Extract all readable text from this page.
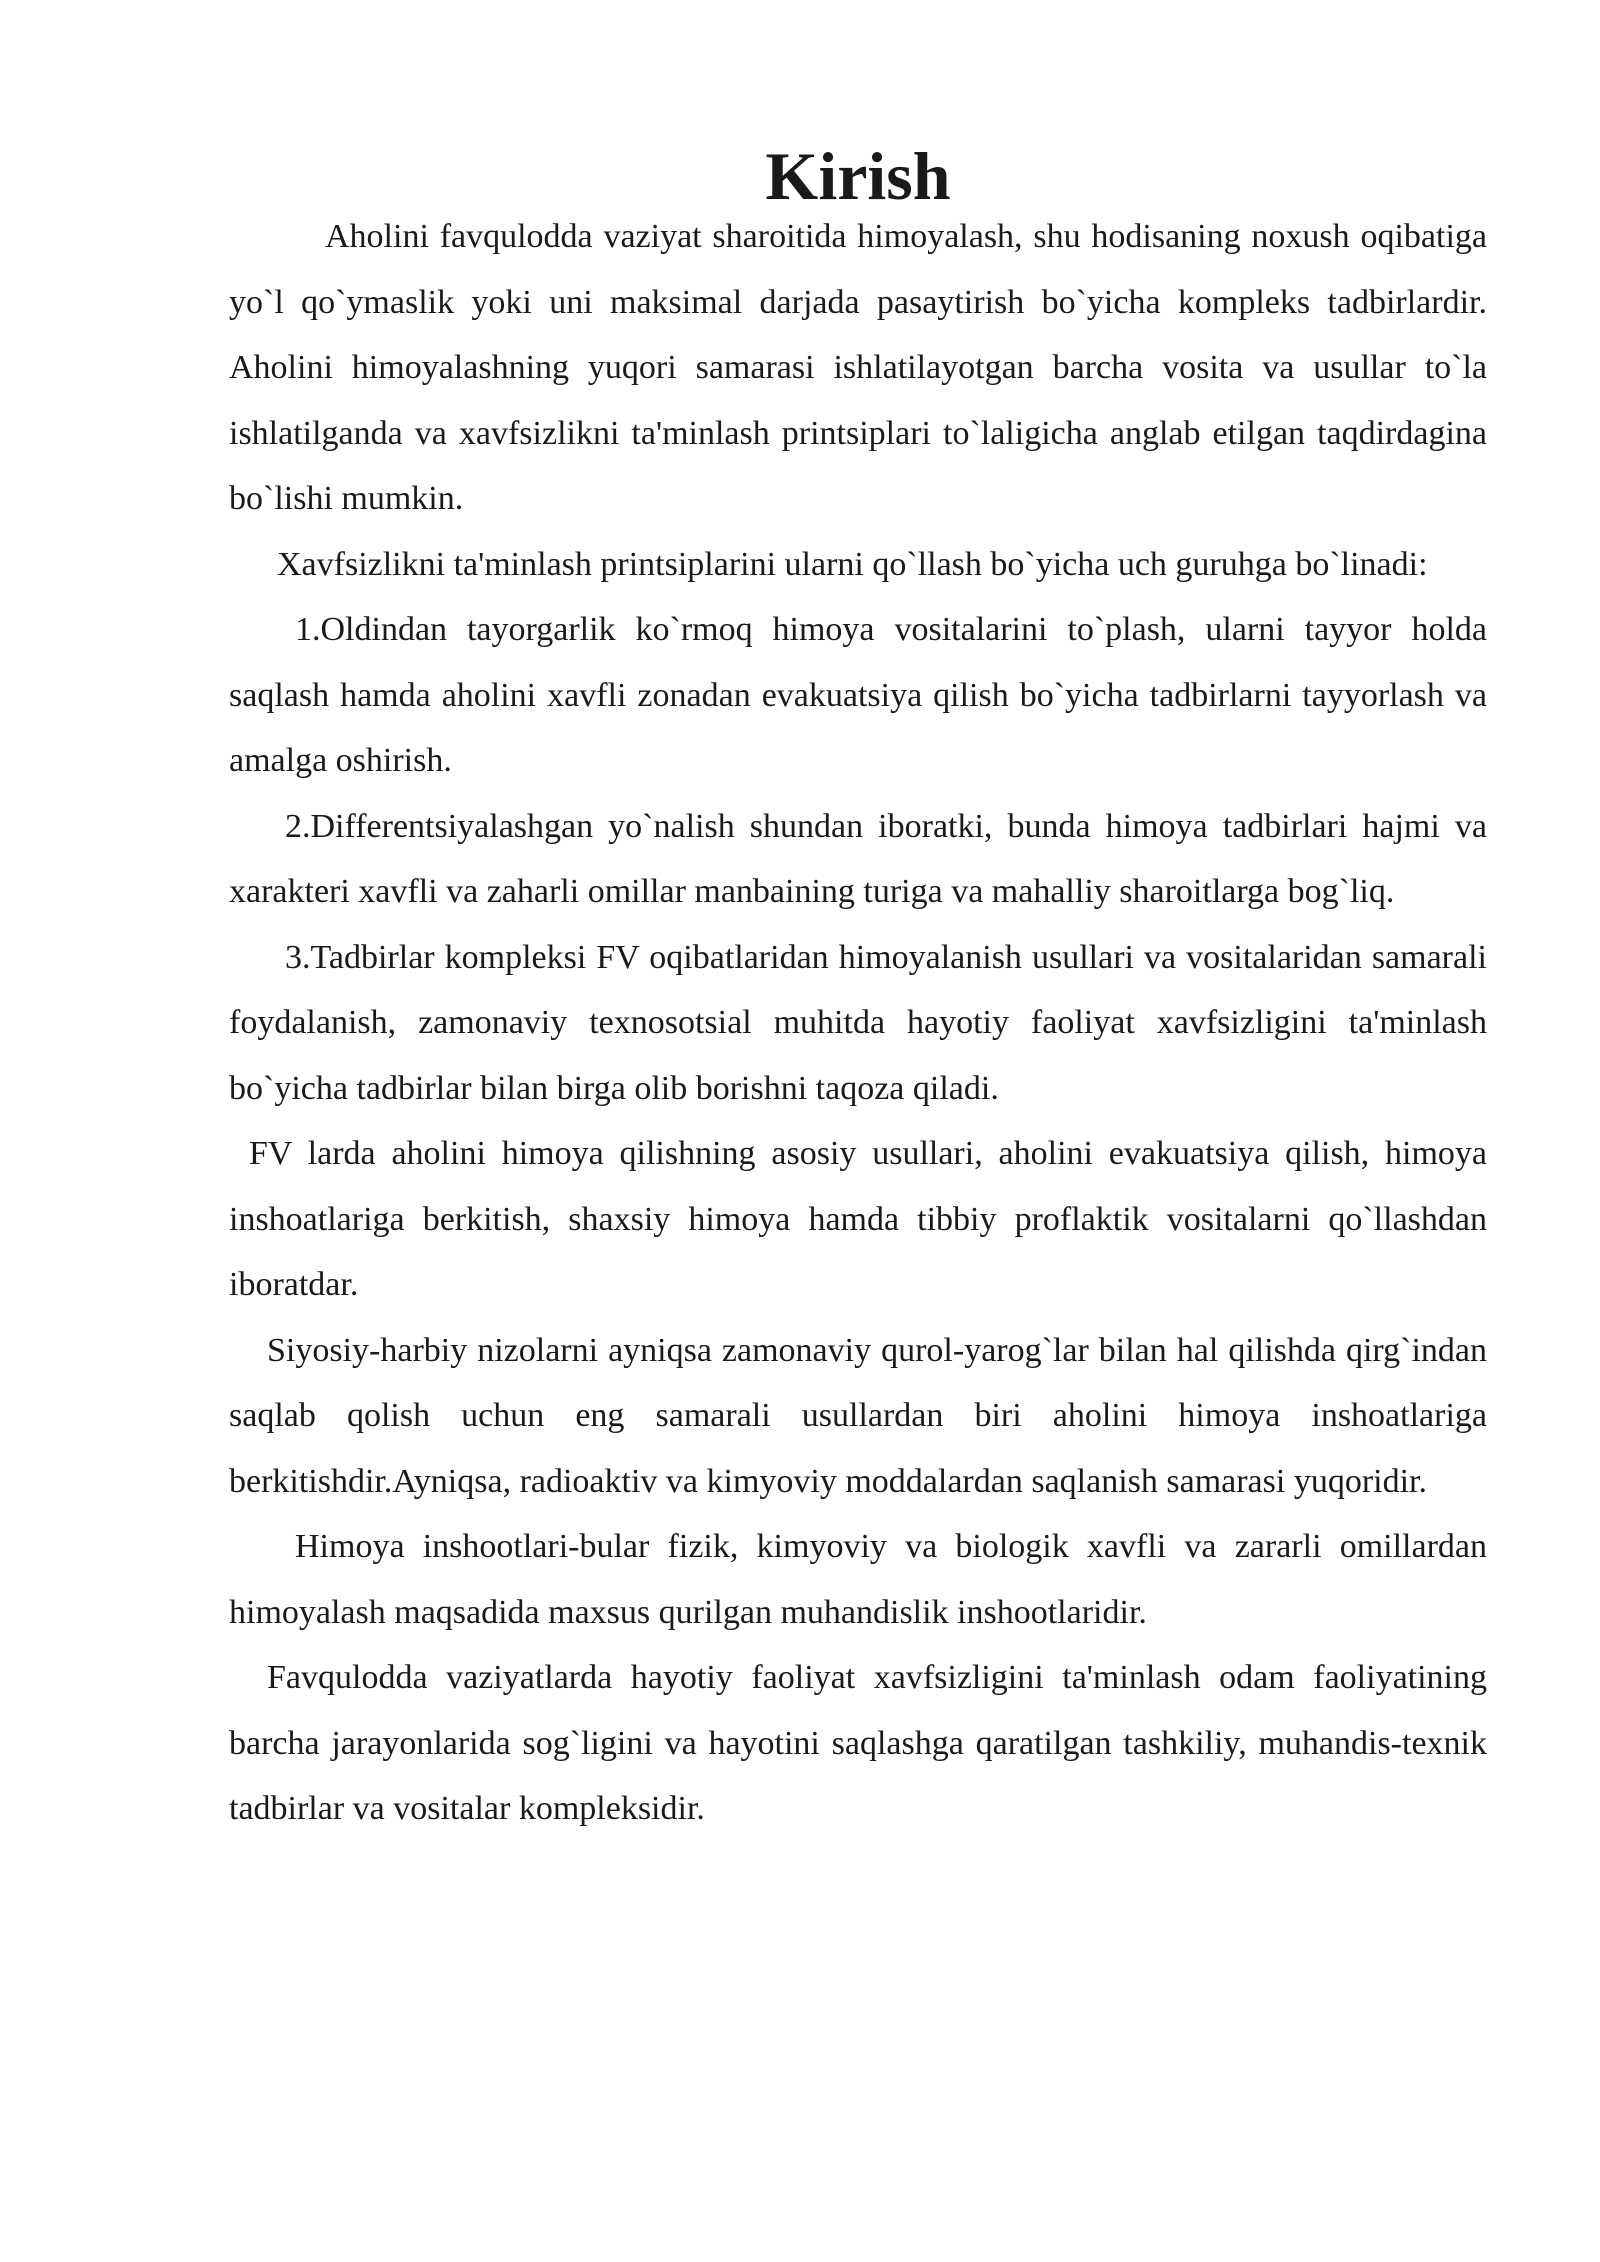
Kirish

Aholini favqulodda vaziyat sharoitida himoyalash, shu hodisaning noxush oqibatiga yo`l qo`ymaslik yoki uni maksimal darjada pasaytirish bo`yicha kompleks tadbirlardir. Aholini himoyalashning yuqori samarasi ishlatilayotgan barcha vosita va usullar to`la ishlatilganda va xavfsizlikni ta'minlash printsiplari to`laligicha anglab etilgan taqdirdagina bo`lishi mumkin.

Xavfsizlikni ta'minlash printsiplarini ularni qo`llash bo`yicha uch guruhga bo`linadi:

1.Oldindan tayorgarlik ko`rmoq himoya vositalarini to`plash, ularni tayyor holda saqlash hamda aholini xavfli zonadan evakuatsiya qilish bo`yicha tadbirlarni tayyorlash va amalga oshirish.

2.Differentsiyalashgan yo`nalish shundan iboratki, bunda himoya tadbirlari hajmi va xarakteri xavfli va zaharli omillar manbaining turiga va mahalliy sharoitlarga bog`liq.

3.Tadbirlar kompleksi FV oqibatlaridan himoyalanish usullari va vositalaridan samarali foydalanish, zamonaviy texnosotsial muhitda hayotiy faoliyat xavfsizligini ta'minlash bo`yicha tadbirlar bilan birga olib borishni taqoza qiladi.

FV larda aholini himoya qilishning asosiy usullari, aholini evakuatsiya qilish, himoya inshoatlariga berkitish, shaxsiy himoya hamda tibbiy proflaktik vositalarni qo`llashdan iboratdar.

Siyosiy-harbiy nizolarni ayniqsa zamonaviy qurol-yarog`lar bilan hal qilishda qirg`indan saqlab qolish uchun eng samarali usullardan biri aholini himoya inshoatlariga berkitishdir.Ayniqsa, radioaktiv va kimyoviy moddalardan saqlanish samarasi yuqoridir.

Himoya inshootlari-bular fizik, kimyoviy va biologik xavfli va zararli omillardan himoyalash maqsadida maxsus qurilgan muhandislik inshootlaridir.

Favqulodda vaziyatlarda hayotiy faoliyat xavfsizligini ta'minlash odam faoliyatining barcha jarayonlarida sog`ligini va hayotini saqlashga qaratilgan tashkiliy, muhandis-texnik tadbirlar va vositalar kompleksidir.
